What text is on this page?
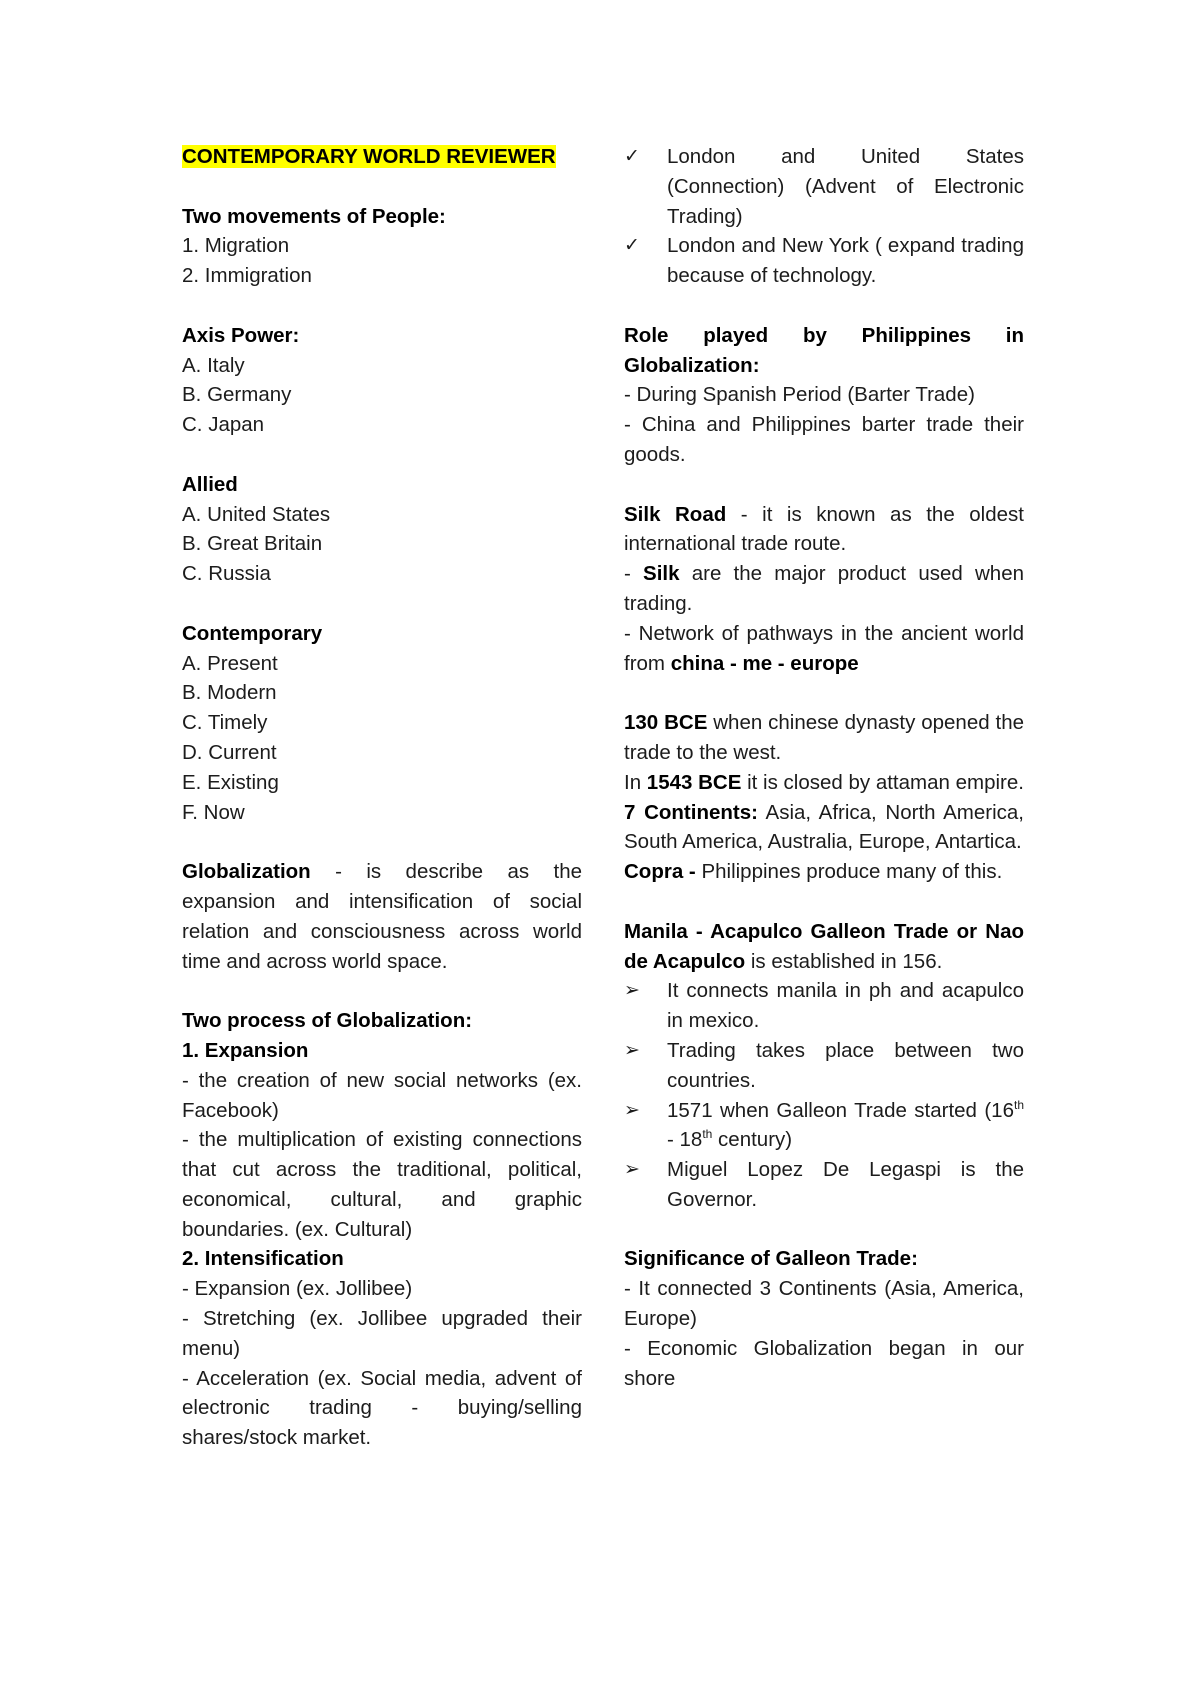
CONTEMPORARY WORLD REVIEWER

Two movements of People:

1. Migration

2. Immigration

Axis Power:

A. Italy

B. Germany

C. Japan

Allied

A. United States

B. Great Britain

C. Russia

Contemporary

A. Present

B. Modern

C. Timely

D. Current

E. Existing

F. Now

Globalization - is describe as the expansion and intensification of social relation and consciousness across world time and across world space.

Two process of Globalization:

1. Expansion

- the creation of new social networks (ex. Facebook)

- the multiplication of existing connections that cut across the traditional, political, economical, cultural, and graphic boundaries. (ex. Cultural)

2. Intensification

- Expansion (ex. Jollibee)

- Stretching (ex. Jollibee upgraded their menu)

- Acceleration (ex. Social media, advent of electronic trading - buying/selling shares/stock market.

✓	London and United States (Connection) (Advent of Electronic Trading)

✓	London and New York ( expand trading because of technology.

Role played by Philippines in Globalization:

- During Spanish Period (Barter Trade)

- China and Philippines barter trade their goods.

Silk Road - it is known as the oldest international trade route.

- Silk are the major product used when trading.

- Network of pathways in the ancient world from china - me - europe

130 BCE when chinese dynasty opened the trade to the west.

In 1543 BCE it is closed by attaman empire.

7 Continents: Asia, Africa, North America, South America, Australia, Europe, Antartica.

Copra - Philippines produce many of this.

Manila - Acapulco Galleon Trade or Nao de Acapulco is established in 156.

➢	It connects manila in ph and acapulco in mexico.

➢	Trading takes place between two countries.

➢	1571 when Galleon Trade started (16th - 18th century)

➢	Miguel Lopez De Legaspi is the Governor.

Significance of Galleon Trade:

- It connected 3 Continents (Asia, America, Europe)

- Economic Globalization began in our shore
